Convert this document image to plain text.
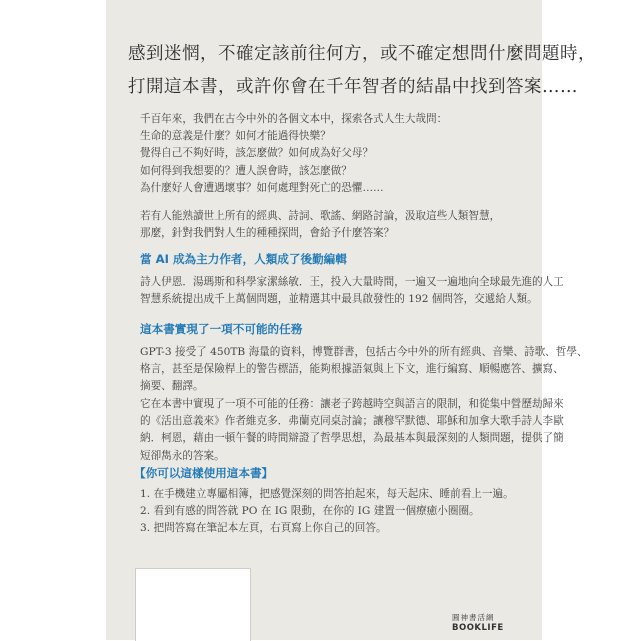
感到迷惘，不確定該前往何方，或不確定想問什麼問題時，
打開這本書，或許你會在千年智者的結晶中找到答案……
千百年來，我們在古今中外的各個文本中，探索各式人生大哉問：
生命的意義是什麼？如何才能過得快樂？
覺得自己不夠好時，該怎麼做？如何成為好父母？
如何得到我想要的？遭人誤會時，該怎麼做？
為什麼好人會遭遇壞事？如何處理對死亡的恐懼……
若有人能熟讀世上所有的經典、詩詞、歌謠、網路討論，汲取這些人類智慧，
那麼，針對我們對人生的種種探問，會給予什麼答案？
當 AI 成為主力作者，人類成了後勤編輯
詩人伊恩．湯瑪斯和科學家潔絲敏．王，投入大量時間，一遍又一遍地向全球最先進的人工
智慧系統提出成千上萬個問題，並精選其中最具啟發性的 192 個問答，交遞給人類。
這本書實現了一項不可能的任務
GPT-3 接受了 450TB 海量的資料，博覽群書，包括古今中外的所有經典、音樂、詩歌、哲學、
格言，甚至是保險桿上的警告標語，能夠根據語氣與上下文，進行編寫、順暢應答、擴寫、
摘要、翻譯。
它在本書中實現了一項不可能的任務：讓老子跨越時空與語言的限制，和從集中營歷劫歸來
的《活出意義來》作者維克多．弗蘭克同桌討論；讓穆罕默德、耶穌和加拿大歌手詩人李歐
納．柯恩，藉由一頓午餐的時間辯證了哲學思想，為最基本與最深刻的人類問題，提供了簡
短卻雋永的答案。
【你可以這樣使用這本書】
1. 在手機建立專屬相簿，把感覺深刻的問答拍起來，每天起床、睡前看上一遍。
2. 看到有感的問答就 PO 在 IG 限動，在你的 IG 建置一個療癒小圈圈。
3. 把問答寫在筆記本左頁，右頁寫上你自己的回答。
圓神書活網
BOOKLIFE
